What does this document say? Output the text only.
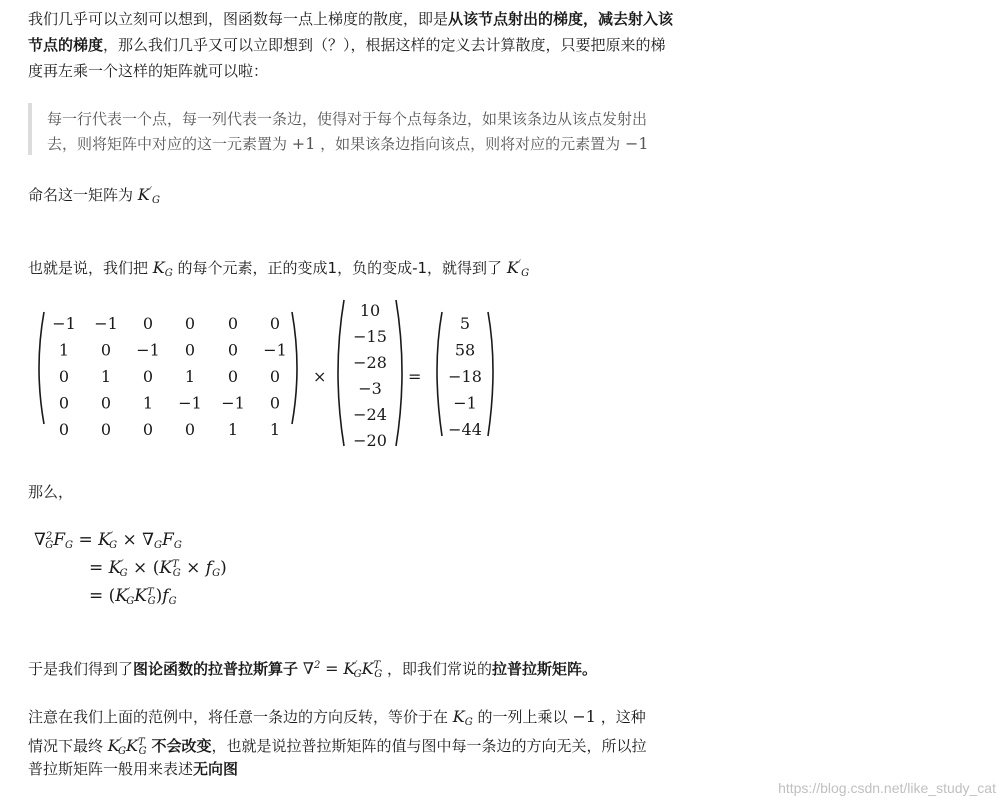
我们几乎可以立刻可以想到，图函数每一点上梯度的散度，即是从该节点射出的梯度，减去射入该
节点的梯度，那么我们几乎又可以立即想到（？），根据这样的定义去计算散度，只要把原来的梯
度再左乘一个这样的矩阵就可以啦：
每一行代表一个点，每一列代表一条边，使得对于每个点每条边，如果该条边从该点发射出
去，则将矩阵中对应的这一元素置为 +1 ，如果该条边指向该点，则将对应的元素置为 −1
命名这一矩阵为 $K'_G$
也就是说，我们把 $K_G$ 的每个元素，正的变成1，负的变成-1，就得到了 $K'_G$
−1 −1 0 0 0 0
1 0 −1 0 0 −1
0 1 0 1 0 0
0 0 1 −1 −1 0
0 0 0 0 1 1
×
10
−15
−28
−3
−24
−20
=
5
58
−18
−1
−44
那么，
$\nabla^2_GF_G = K'_G \times \nabla_GF_G$
= $K'_G \times (K^T_G \times f_G)$
= $(K'_GK^T_G)f_G$
于是我们得到了图论函数的拉普拉斯算子 $\nabla^2 = K'_GK^T_G$ ，即我们常说的拉普拉斯矩阵。
注意在我们上面的范例中，将任意一条边的方向反转，等价于在 $K_G$ 的一列上乘以 −1 ，这种
情况下最终 $K'_GK^T_G$ 不会改变，也就是说拉普拉斯矩阵的值与图中每一条边的方向无关，所以拉
普拉斯矩阵一般用来表述无向图
https://blog.csdn.net/like_study_cat
